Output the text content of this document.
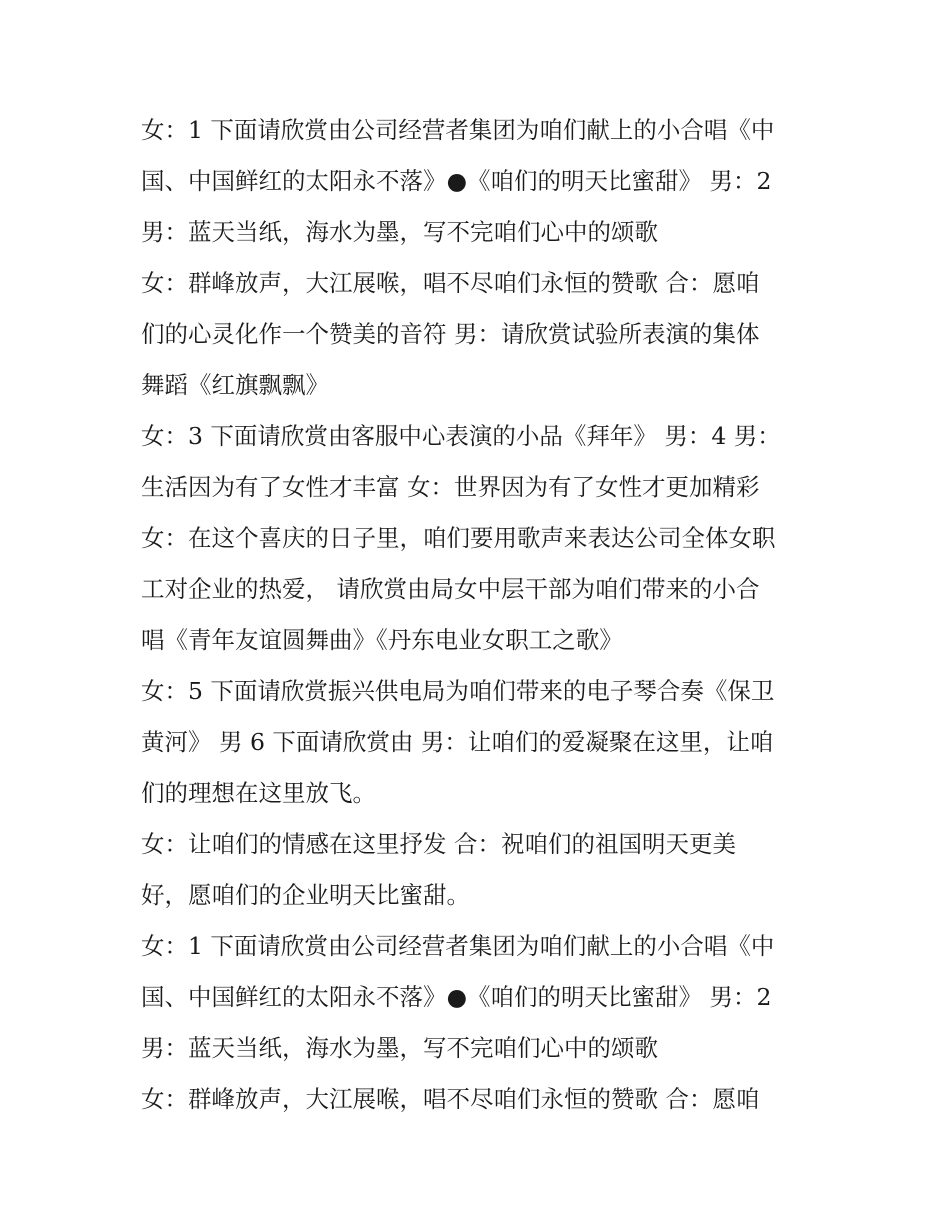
女：1 下面请欣赏由公司经营者集团为咱们献上的小合唱《中
国、中国鲜红的太阳永不落》●《咱们的明天比蜜甜》 男：2
男：蓝天当纸，海水为墨，写不完咱们心中的颂歌
女：群峰放声，大江展喉，唱不尽咱们永恒的赞歌 合：愿咱
们的心灵化作一个赞美的音符 男：请欣赏试验所表演的集体
舞蹈《红旗飘飘》
女：3 下面请欣赏由客服中心表演的小品《拜年》 男：4 男：
生活因为有了女性才丰富 女：世界因为有了女性才更加精彩
女：在这个喜庆的日子里，咱们要用歌声来表达公司全体女职
工对企业的热爱， 请欣赏由局女中层干部为咱们带来的小合
唱《青年友谊圆舞曲》《丹东电业女职工之歌》
女：5 下面请欣赏振兴供电局为咱们带来的电子琴合奏《保卫
黄河》 男 6 下面请欣赏由 男：让咱们的爱凝聚在这里，让咱
们的理想在这里放飞。
女：让咱们的情感在这里抒发 合：祝咱们的祖国明天更美
好，愿咱们的企业明天比蜜甜。
女：1 下面请欣赏由公司经营者集团为咱们献上的小合唱《中
国、中国鲜红的太阳永不落》●《咱们的明天比蜜甜》 男：2
男：蓝天当纸，海水为墨，写不完咱们心中的颂歌
女：群峰放声，大江展喉，唱不尽咱们永恒的赞歌 合：愿咱
